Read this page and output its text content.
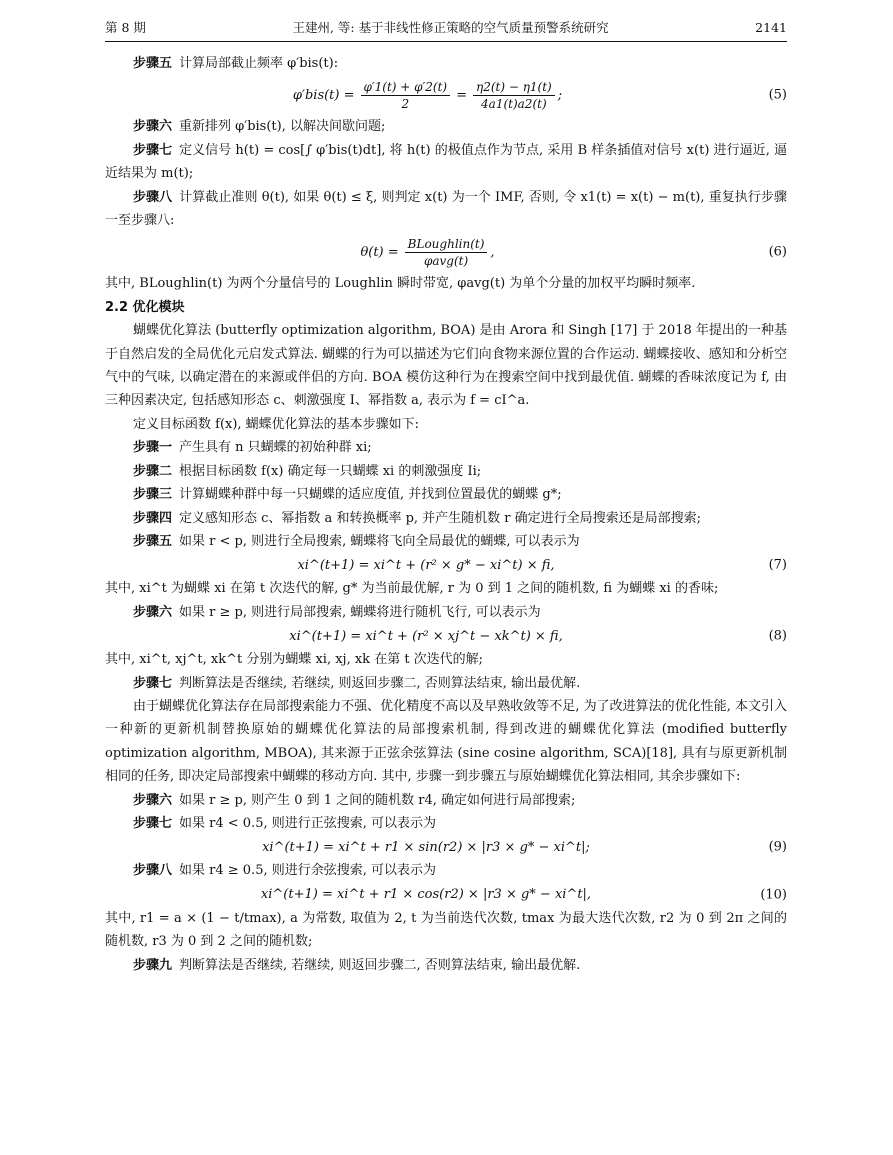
第 8 期	王建州, 等: 基于非线性修正策略的空气质量预警系统研究	2141

步骤五 计算局部截止频率 φ′bis(t):

$\varphi'bis(t) = \frac{\varphi'1(t) + \varphi'2(t)}{2} = \frac{\eta 2(t) - \eta 1(t)}{4a1(t)a2(t)}$ ;	(5)

步骤六 重新排列 φ′bis(t), 以解决间歇问题;

步骤七 定义信号 h(t) = cos[∫ φ′bis(t)dt], 将 h(t) 的极值点作为节点, 采用 B 样条插值对信号 x(t) 进行逼近, 逼近结果为 m(t);

步骤八 计算截止准则 θ(t), 如果 θ(t) ≤ ξ, 则判定 x(t) 为一个 IMF, 否则, 令 x1(t) = x(t) − m(t), 重复执行步骤一至步骤八:

$\theta(t) = \frac{\text{BLoughlin(t)}}{\text{φavg(t)}}$ ,	(6)

其中, BLoughlin(t) 为两个分量信号的 Loughlin 瞬时带宽, φavg(t) 为单个分量的加权平均瞬时频率.

2.2 优化模块

蝴蝶优化算法 (butterfly optimization algorithm, BOA) 是由 Arora 和 Singh [17] 于 2018 年提出的一种基于自然启发的全局优化元启发式算法. 蝴蝶的行为可以描述为它们向食物来源位置的合作运动. 蝴蝶接收、感知和分析空气中的气味, 以确定潜在的来源或伴侣的方向. BOA 模仿这种行为在搜索空间中找到最优值. 蝴蝶的香味浓度记为 f, 由三种因素决定, 包括感知形态 c、刺激强度 I、幂指数 a, 表示为 f = cI^a.

定义目标函数 f(x), 蝴蝶优化算法的基本步骤如下:

步骤一 产生具有 n 只蝴蝶的初始种群 xi;

步骤二 根据目标函数 f(x) 确定每一只蝴蝶 xi 的刺激强度 Ii;

步骤三 计算蝴蝶种群中每一只蝴蝶的适应度值, 并找到位置最优的蝴蝶 g*;

步骤四 定义感知形态 c、幂指数 a 和转换概率 p, 并产生随机数 r 确定进行全局搜索还是局部搜索;

步骤五 如果 r < p, 则进行全局搜索, 蝴蝶将飞向全局最优的蝴蝶, 可以表示为

xi^(t+1) = xi^t + (r² × g* − xi^t) × fi,	(7)

其中, xi^t 为蝴蝶 xi 在第 t 次迭代的解, g* 为当前最优解, r 为 0 到 1 之间的随机数, fi 为蝴蝶 xi 的香味;

步骤六 如果 r ≥ p, 则进行局部搜索, 蝴蝶将进行随机飞行, 可以表示为

xi^(t+1) = xi^t + (r² × xj^t − xk^t) × fi,	(8)

其中, xi^t, xj^t, xk^t 分别为蝴蝶 xi, xj, xk 在第 t 次迭代的解;

步骤七 判断算法是否继续, 若继续, 则返回步骤二, 否则算法结束, 输出最优解.

由于蝴蝶优化算法存在局部搜索能力不强、优化精度不高以及早熟收敛等不足, 为了改进算法的优化性能, 本文引入一种新的更新机制替换原始的蝴蝶优化算法的局部搜索机制, 得到改进的蝴蝶优化算法 (modified butterfly optimization algorithm, MBOA), 其来源于正弦余弦算法 (sine cosine algorithm, SCA)[18], 具有与原更新机制相同的任务, 即决定局部搜索中蝴蝶的移动方向. 其中, 步骤一到步骤五与原始蝴蝶优化算法相同, 其余步骤如下:

步骤六 如果 r ≥ p, 则产生 0 到 1 之间的随机数 r4, 确定如何进行局部搜索;

步骤七 如果 r4 < 0.5, 则进行正弦搜索, 可以表示为

xi^(t+1) = xi^t + r1 × sin(r2) × |r3 × g* − xi^t|;	(9)

步骤八 如果 r4 ≥ 0.5, 则进行余弦搜索, 可以表示为

xi^(t+1) = xi^t + r1 × cos(r2) × |r3 × g* − xi^t|,	(10)

其中, r1 = a × (1 − t/tmax), a 为常数, 取值为 2, t 为当前迭代次数, tmax 为最大迭代次数, r2 为 0 到 2π 之间的随机数, r3 为 0 到 2 之间的随机数;

步骤九 判断算法是否继续, 若继续, 则返回步骤二, 否则算法结束, 输出最优解.
